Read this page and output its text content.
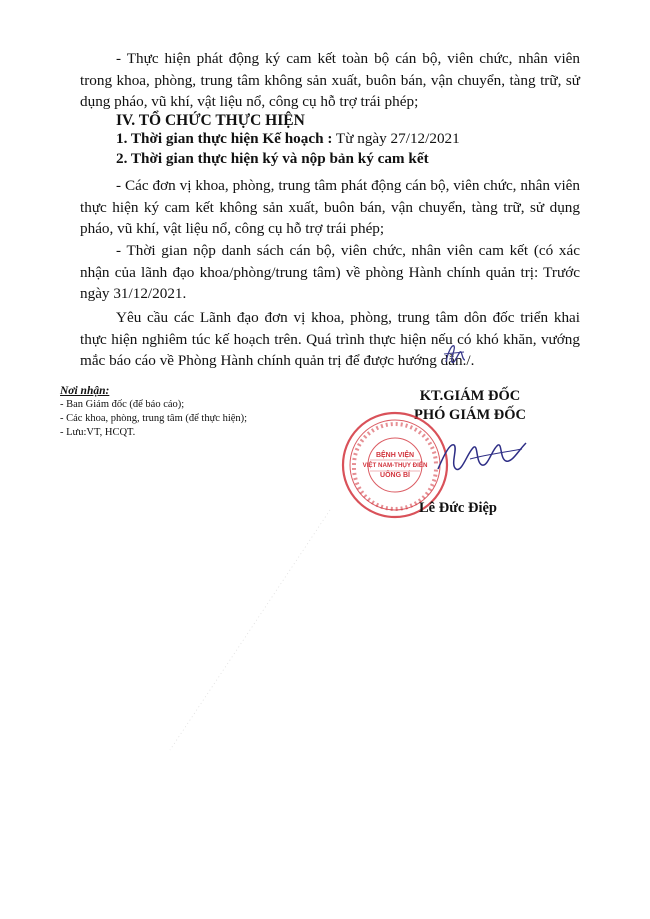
- Thực hiện phát động ký cam kết toàn bộ cán bộ, viên chức, nhân viên trong khoa, phòng, trung tâm không sản xuất, buôn bán, vận chuyển, tàng trữ, sử dụng pháo, vũ khí, vật liệu nổ, công cụ hỗ trợ trái phép;

IV. TỔ CHỨC THỰC HIỆN

1. Thời gian thực hiện Kế hoạch : Từ ngày 27/12/2021

2. Thời gian thực hiện ký và nộp bản ký cam kết

- Các đơn vị khoa, phòng, trung tâm phát động cán bộ, viên chức, nhân viên thực hiện ký cam kết không sản xuất, buôn bán, vận chuyển, tàng trữ, sử dụng pháo, vũ khí, vật liệu nổ, công cụ hỗ trợ trái phép;

- Thời gian nộp danh sách cán bộ, viên chức, nhân viên cam kết (có xác nhận của lãnh đạo khoa/phòng/trung tâm) về phòng Hành chính quản trị: Trước ngày 31/12/2021.

Yêu cầu các Lãnh đạo đơn vị khoa, phòng, trung tâm dôn đốc triển khai thực hiện nghiêm túc kế hoạch trên. Quá trình thực hiện nếu có khó khăn, vướng mắc báo cáo về Phòng Hành chính quản trị để được hướng dẫn./.

Nơi nhận:
- Ban Giám đốc (để báo cáo);
- Các khoa, phòng, trung tâm (để thực hiện);
- Lưu:VT, HCQT.
KT.GIÁM ĐỐC
PHÓ GIÁM ĐỐC
BỆNH VIỆN
VIỆT NAM-THỤY ĐIỂN
UÔNG BÍ
Lê Đức Điệp
